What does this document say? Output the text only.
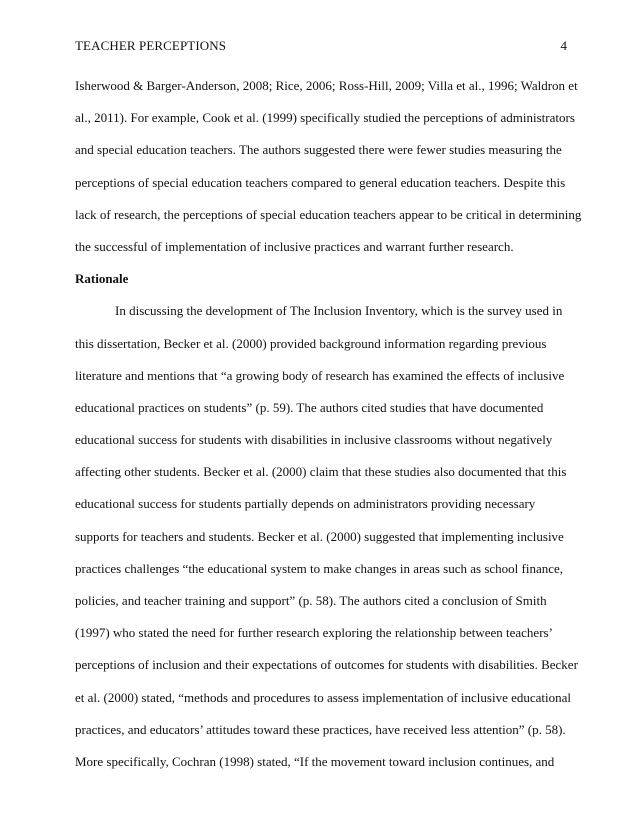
TEACHER PERCEPTIONS	4
Isherwood & Barger-Anderson, 2008; Rice, 2006; Ross-Hill, 2009; Villa et al., 1996; Waldron et
al., 2011). For example, Cook et al. (1999) specifically studied the perceptions of administrators
and special education teachers. The authors suggested there were fewer studies measuring the
perceptions of special education teachers compared to general education teachers. Despite this
lack of research, the perceptions of special education teachers appear to be critical in determining
the successful of implementation of inclusive practices and warrant further research.
Rationale
In discussing the development of The Inclusion Inventory, which is the survey used in
this dissertation, Becker et al. (2000) provided background information regarding previous
literature and mentions that “a growing body of research has examined the effects of inclusive
educational practices on students” (p. 59). The authors cited studies that have documented
educational success for students with disabilities in inclusive classrooms without negatively
affecting other students. Becker et al. (2000) claim that these studies also documented that this
educational success for students partially depends on administrators providing necessary
supports for teachers and students. Becker et al. (2000) suggested that implementing inclusive
practices challenges “the educational system to make changes in areas such as school finance,
policies, and teacher training and support” (p. 58). The authors cited a conclusion of Smith
(1997) who stated the need for further research exploring the relationship between teachers’
perceptions of inclusion and their expectations of outcomes for students with disabilities. Becker
et al. (2000) stated, “methods and procedures to assess implementation of inclusive educational
practices, and educators’ attitudes toward these practices, have received less attention” (p. 58).
More specifically, Cochran (1998) stated, “If the movement toward inclusion continues, and
